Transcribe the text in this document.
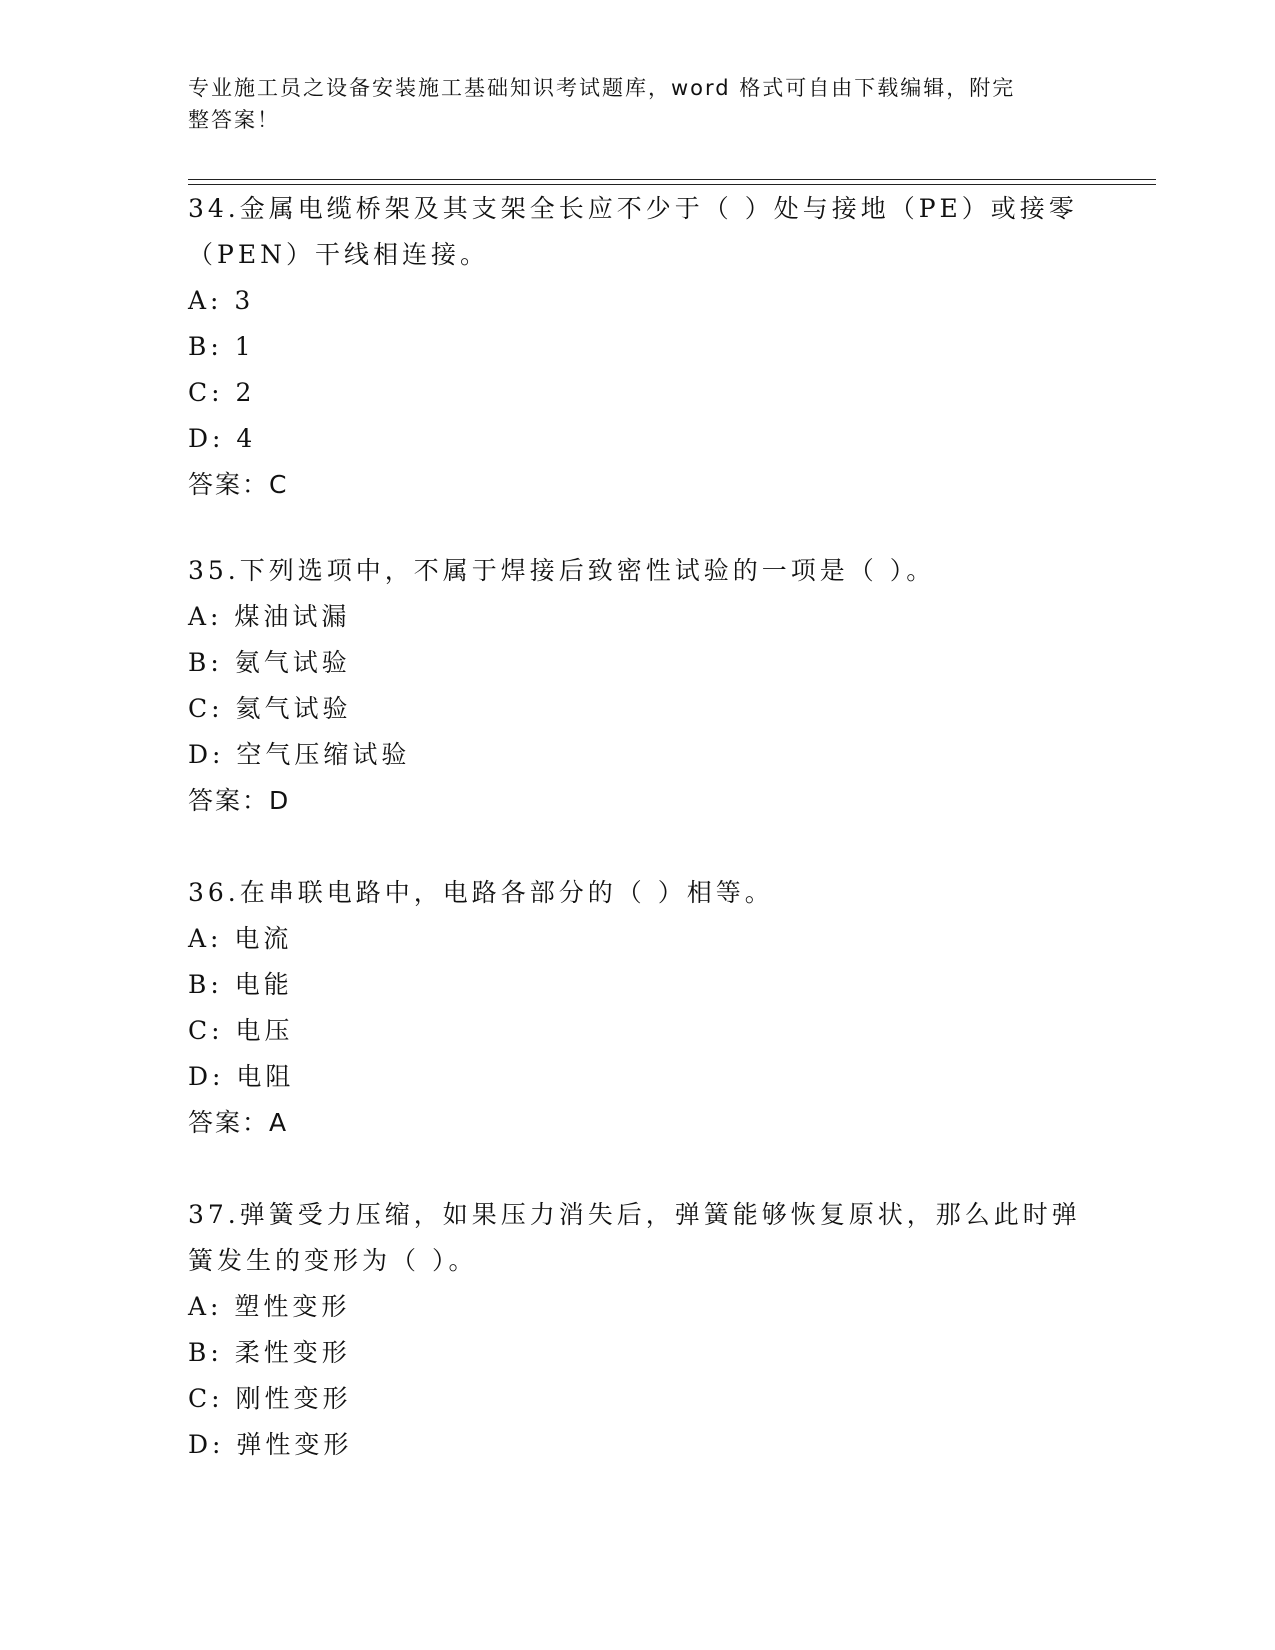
专业施工员之设备安装施工基础知识考试题库，word 格式可自由下载编辑，附完
整答案！
34.金属电缆桥架及其支架全长应不少于（ ）处与接地（PE）或接零
（PEN）干线相连接。
A: 3
B: 1
C: 2
D: 4
答案：C
35.下列选项中，不属于焊接后致密性试验的一项是（ ）。
A: 煤油试漏
B: 氨气试验
C: 氦气试验
D: 空气压缩试验
答案：D
36.在串联电路中，电路各部分的（ ）相等。
A: 电流
B: 电能
C: 电压
D: 电阻
答案：A
37.弹簧受力压缩，如果压力消失后，弹簧能够恢复原状，那么此时弹
簧发生的变形为（ ）。
A: 塑性变形
B: 柔性变形
C: 刚性变形
D: 弹性变形
